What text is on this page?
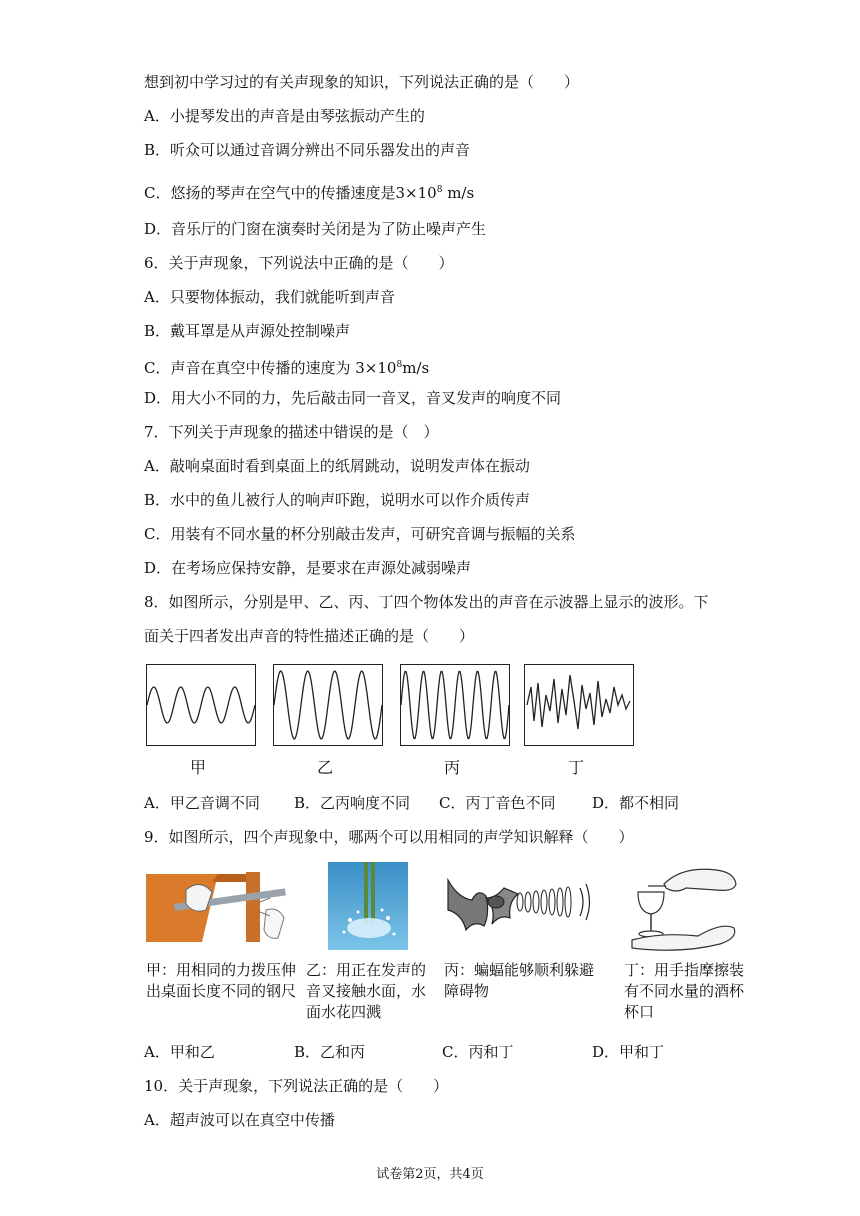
想到初中学习过的有关声现象的知识，下列说法正确的是（　　）
A．小提琴发出的声音是由琴弦振动产生的
B．听众可以通过音调分辨出不同乐器发出的声音
C．悠扬的琴声在空气中的传播速度是$3\times 10^8$ m/s
D．音乐厅的门窗在演奏时关闭是为了防止噪声产生
6．关于声现象，下列说法中正确的是（　　）
A．只要物体振动，我们就能听到声音
B．戴耳罩是从声源处控制噪声
C．声音在真空中传播的速度为 $3\times 10^8m/s$
D．用大小不同的力，先后敲击同一音叉，音叉发声的响度不同
7．下列关于声现象的描述中错误的是（　）
A．敲响桌面时看到桌面上的纸屑跳动，说明发声体在振动
B．水中的鱼儿被行人的响声吓跑，说明水可以作介质传声
C．用装有不同水量的杯分别敲击发声，可研究音调与振幅的关系
D．在考场应保持安静，是要求在声源处减弱噪声
8．如图所示，分别是甲、乙、丙、丁四个物体发出的声音在示波器上显示的波形。下
面关于四者发出声音的特性描述正确的是（　　）
甲	乙	丙	丁
A．甲乙音调不同 B．乙丙响度不同 C．丙丁音色不同 D．都不相同
9．如图所示，四个声现象中，哪两个可以用相同的声学知识解释（　　）
甲：用相同的力拨压伸出桌面长度不同的钢尺
乙：用正在发声的音叉接触水面，水面水花四溅
丙：蝙蝠能够顺利躲避障碍物
丁：用手指摩擦装有不同水量的酒杯杯口
A．甲和乙	B．乙和丙	C．丙和丁	D．甲和丁
10．关于声现象，下列说法正确的是（　　）
A．超声波可以在真空中传播
试卷第2页，共4页
